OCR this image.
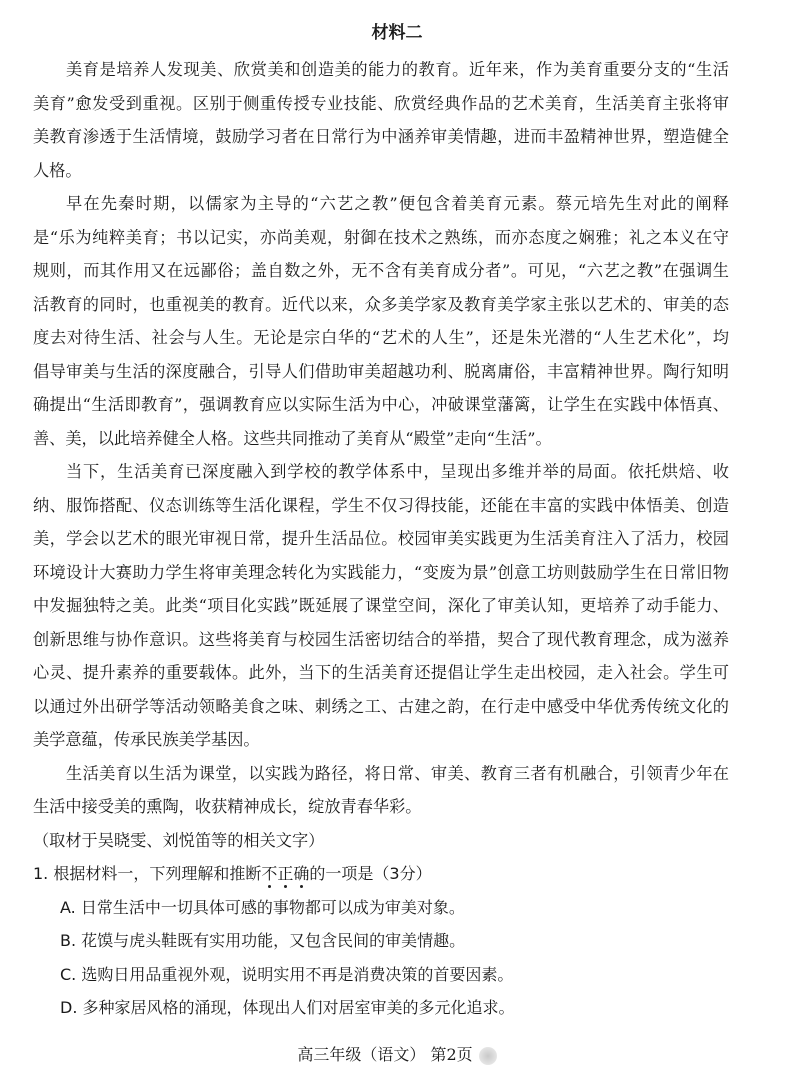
材料二
美育是培养人发现美、欣赏美和创造美的能力的教育。近年来，作为美育重要分支的“生活
美育”愈发受到重视。区别于侧重传授专业技能、欣赏经典作品的艺术美育，生活美育主张将审
美教育渗透于生活情境，鼓励学习者在日常行为中涵养审美情趣，进而丰盈精神世界，塑造健全
人格。
早在先秦时期，以儒家为主导的“六艺之教”便包含着美育元素。蔡元培先生对此的阐释
是“乐为纯粹美育；书以记实，亦尚美观，射御在技术之熟练，而亦态度之娴雅；礼之本义在守
规则，而其作用又在远鄙俗；盖自数之外，无不含有美育成分者”。可见，“六艺之教”在强调生
活教育的同时，也重视美的教育。近代以来，众多美学家及教育美学家主张以艺术的、审美的态
度去对待生活、社会与人生。无论是宗白华的“艺术的人生”，还是朱光潜的“人生艺术化”，均
倡导审美与生活的深度融合，引导人们借助审美超越功利、脱离庸俗，丰富精神世界。陶行知明
确提出“生活即教育”，强调教育应以实际生活为中心，冲破课堂藩篱，让学生在实践中体悟真、
善、美，以此培养健全人格。这些共同推动了美育从“殿堂”走向“生活”。
当下，生活美育已深度融入到学校的教学体系中，呈现出多维并举的局面。依托烘焙、收
纳、服饰搭配、仪态训练等生活化课程，学生不仅习得技能，还能在丰富的实践中体悟美、创造
美，学会以艺术的眼光审视日常，提升生活品位。校园审美实践更为生活美育注入了活力，校园
环境设计大赛助力学生将审美理念转化为实践能力，“变废为景”创意工坊则鼓励学生在日常旧物
中发掘独特之美。此类“项目化实践”既延展了课堂空间，深化了审美认知，更培养了动手能力、
创新思维与协作意识。这些将美育与校园生活密切结合的举措，契合了现代教育理念，成为滋养
心灵、提升素养的重要载体。此外，当下的生活美育还提倡让学生走出校园，走入社会。学生可
以通过外出研学等活动领略美食之味、刺绣之工、古建之韵，在行走中感受中华优秀传统文化的
美学意蕴，传承民族美学基因。
生活美育以生活为课堂，以实践为路径，将日常、审美、教育三者有机融合，引领青少年在
生活中接受美的熏陶，收获精神成长，绽放青春华彩。
（取材于吴晓雯、刘悦笛等的相关文字）
1. 根据材料一，下列理解和推断不正确的一项是（3分）
A. 日常生活中一切具体可感的事物都可以成为审美对象。
B. 花馍与虎头鞋既有实用功能，又包含民间的审美情趣。
C. 选购日用品重视外观，说明实用不再是消费决策的首要因素。
D. 多种家居风格的涌现，体现出人们对居室审美的多元化追求。
高三年级（语文） 第2页
